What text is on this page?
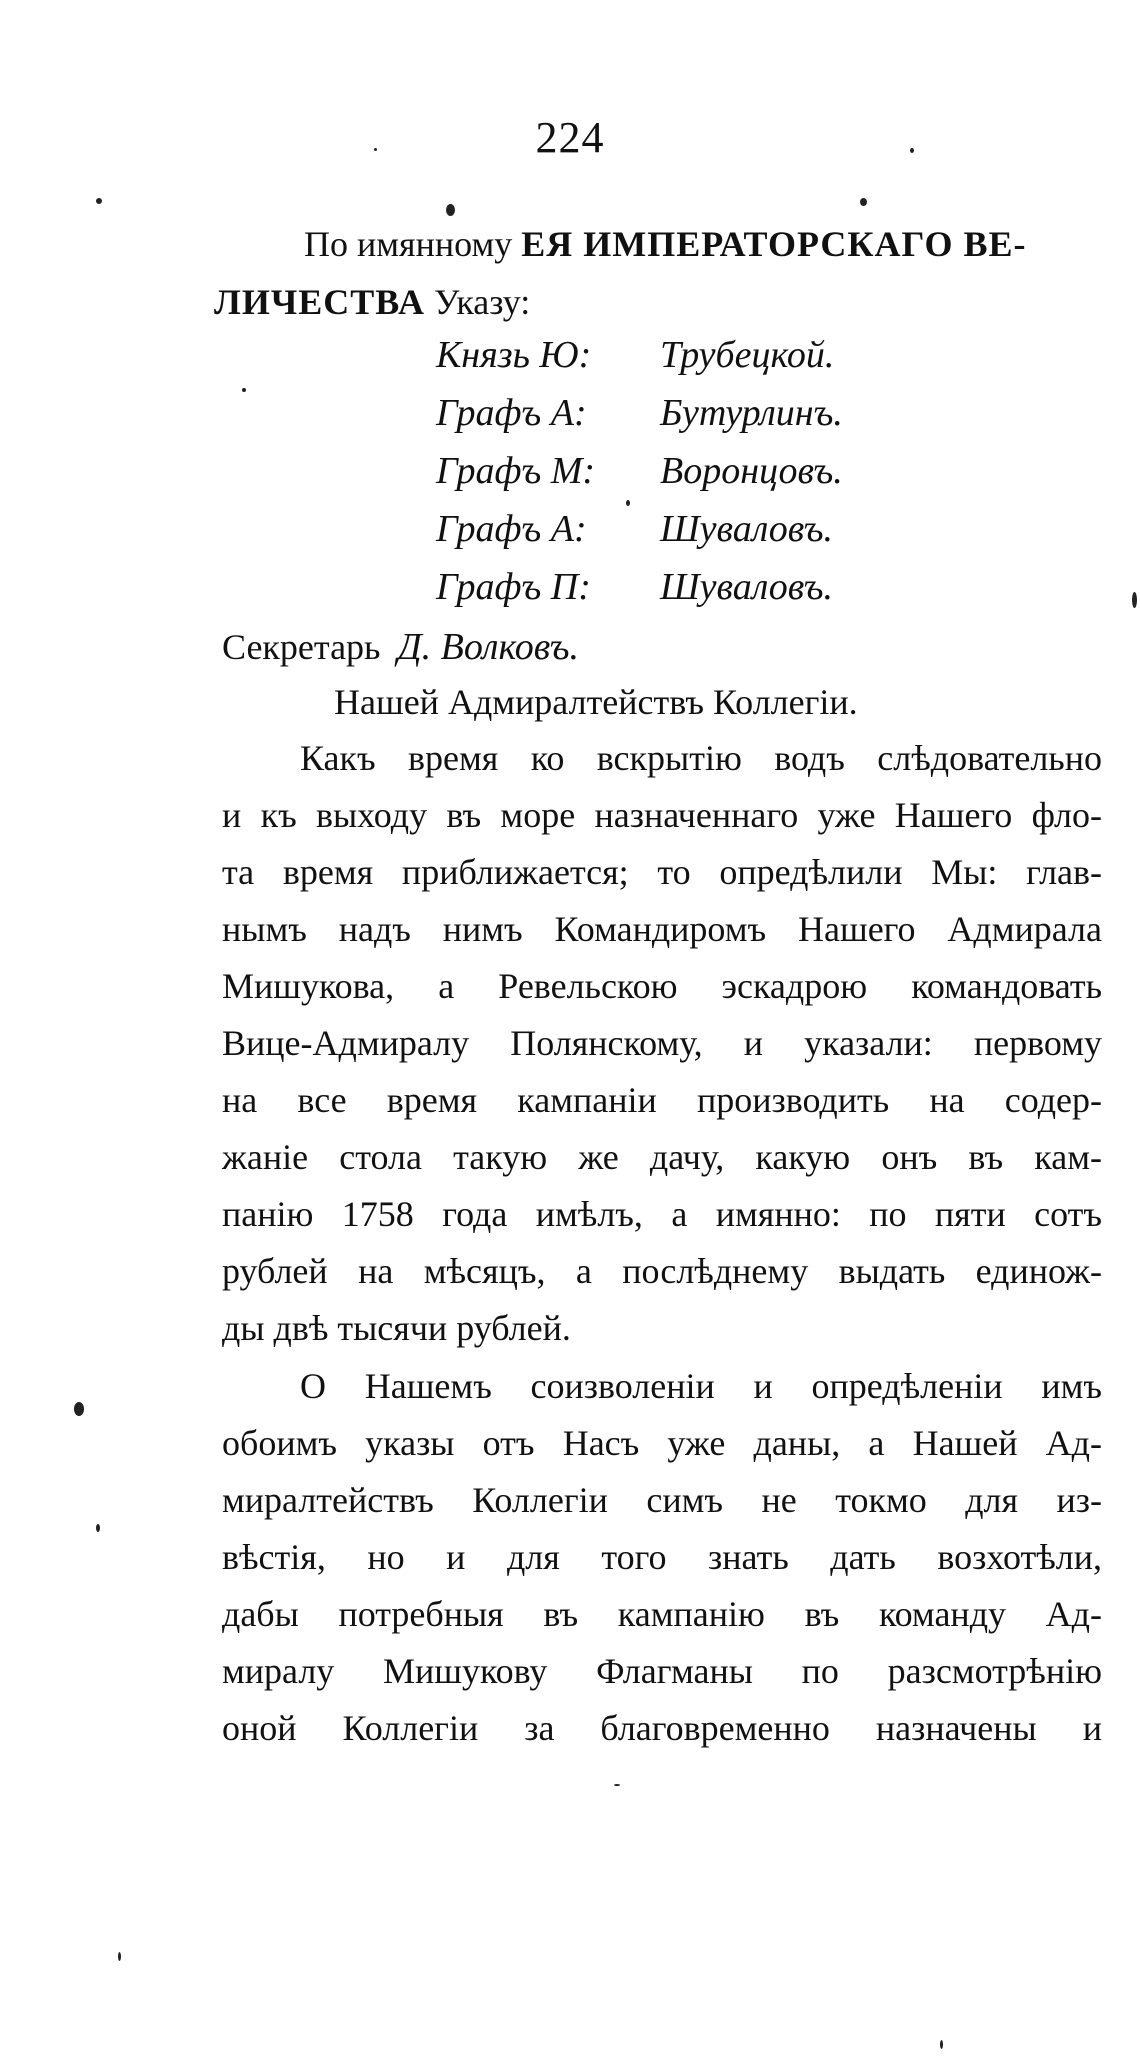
224
По имянному ЕЯ ИМПЕРАТОРСКАГО ВЕ-
ЛИЧЕСТВА Указу:
Князь Ю: Трубецкой.
Графъ А: Бутурлинъ.
Графъ М: Воронцовъ.
Графъ А: Шуваловъ.
Графъ П: Шуваловъ.
Секретарь Д. Волковъ.
Нашей Адмиралтействъ Коллегіи.
Какъ время ко вскрытію водъ слѣдовательно
и къ выходу въ море назначеннаго уже Нашего фло-
та время приближается; то опредѣлили Мы: глав-
нымъ надъ нимъ Командиромъ Нашего Адмирала
Мишукова, а Ревельскою эскадрою командовать
Вице-Адмиралу Полянскому, и указали: первому
на все время кампаніи производить на содер-
жаніе стола такую же дачу, какую онъ въ кам-
панію 1758 года имѣлъ, а имянно: по пяти сотъ
рублей на мѣсяцъ, а послѣднему выдать единож-
ды двѣ тысячи рублей.
О Нашемъ соизволеніи и опредѣленіи имъ
обоимъ указы отъ Насъ уже даны, а Нашей Ад-
миралтействъ Коллегіи симъ не токмо для из-
вѣстія, но и для того знать дать возхотѣли,
дабы потребныя въ кампанію въ команду Ад-
миралу Мишукову Флагманы по разсмотрѣнію
оной Коллегіи за благовременно назначены и
